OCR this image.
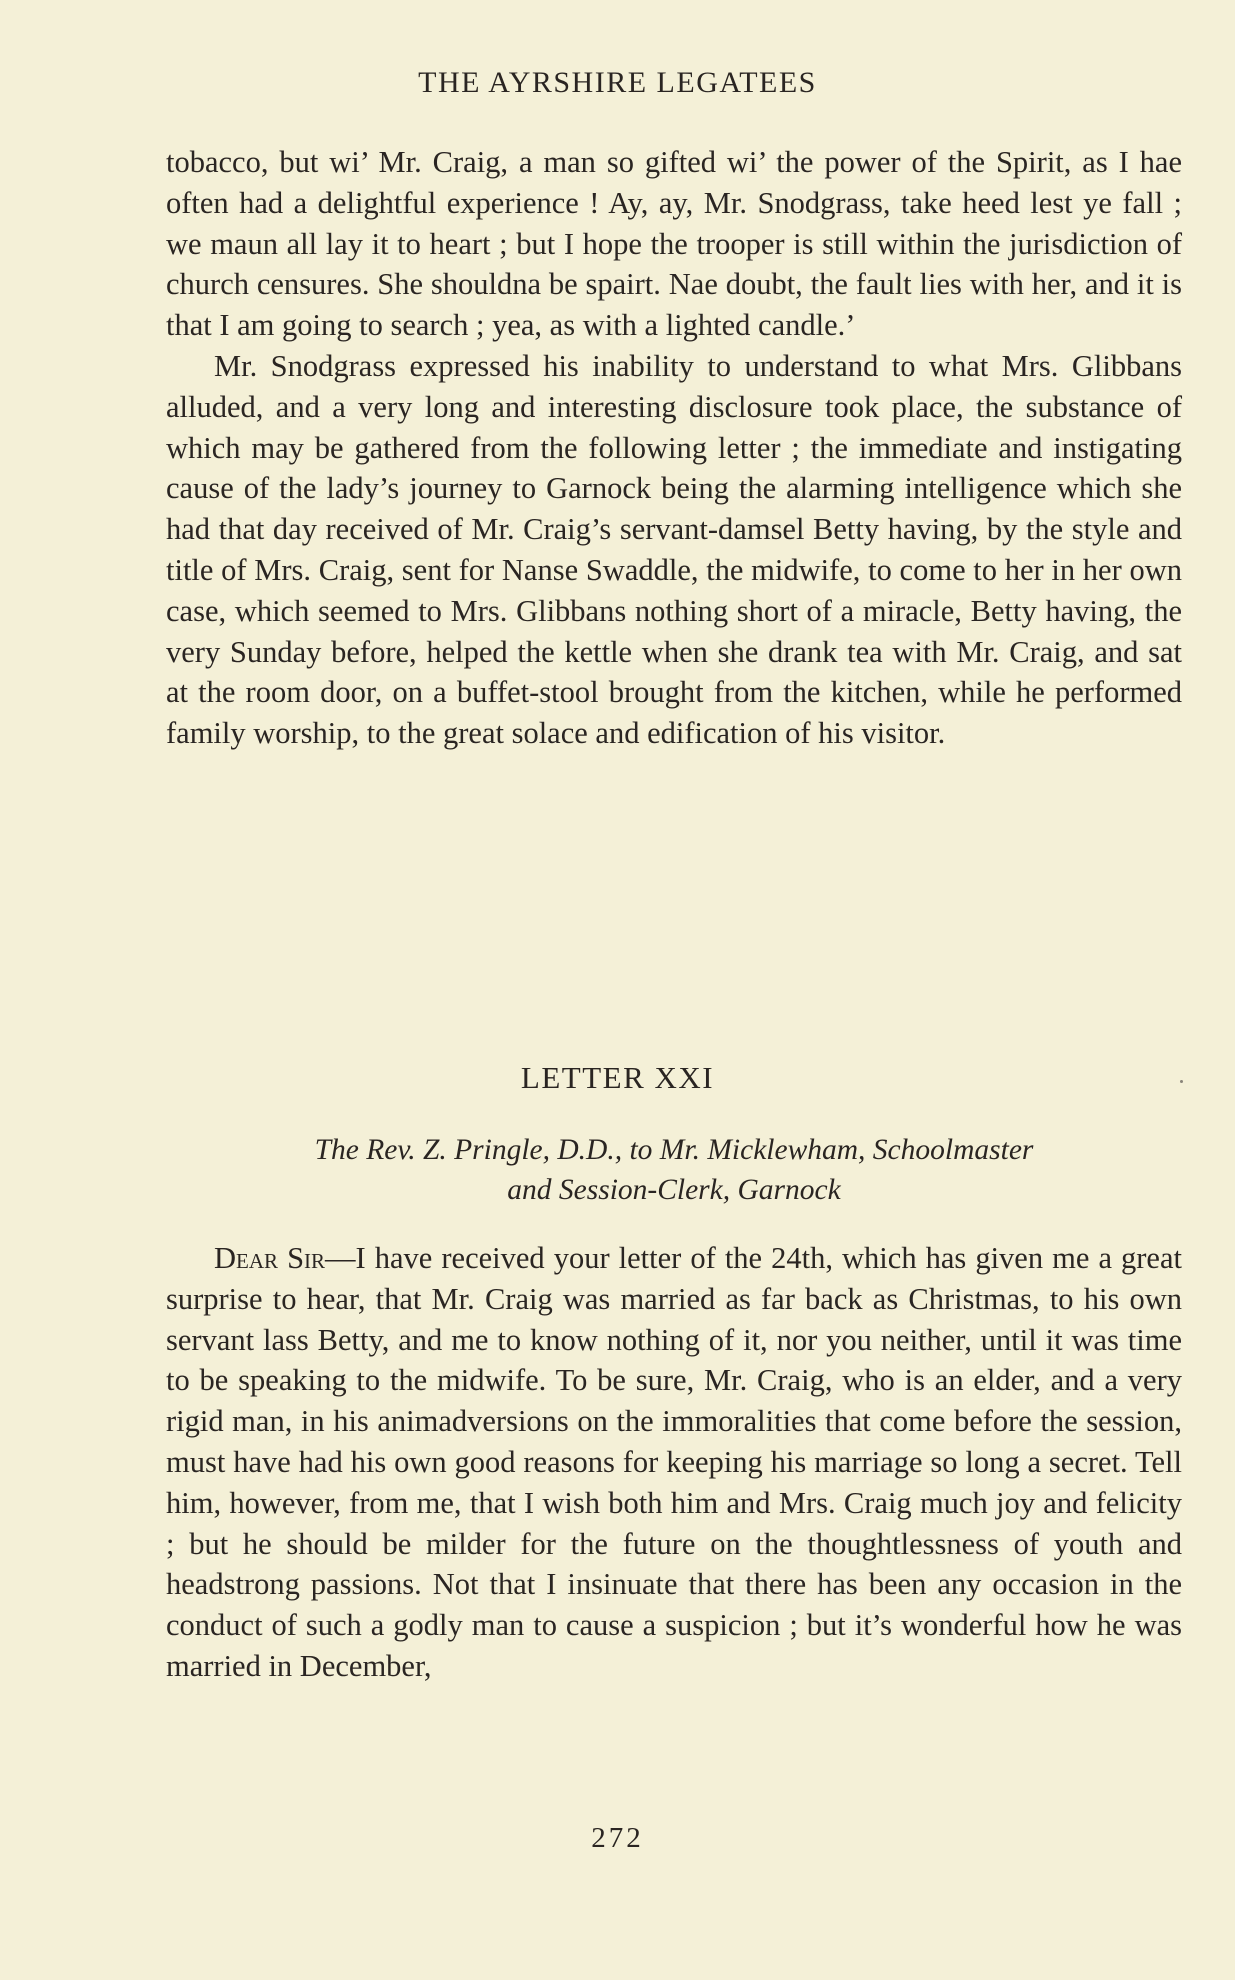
THE AYRSHIRE LEGATEES

tobacco, but wi’ Mr. Craig, a man so gifted wi’ the power of the Spirit, as I hae often had a delightful experience ! Ay, ay, Mr. Snodgrass, take heed lest ye fall ; we maun all lay it to heart ; but I hope the trooper is still within the jurisdiction of church censures. She shouldna be spairt. Nae doubt, the fault lies with her, and it is that I am going to search ; yea, as with a lighted candle.’

Mr. Snodgrass expressed his inability to understand to what Mrs. Glibbans alluded, and a very long and interesting disclosure took place, the substance of which may be gathered from the following letter ; the immediate and instigating cause of the lady’s journey to Garnock being the alarming intelligence which she had that day received of Mr. Craig’s servant-damsel Betty having, by the style and title of Mrs. Craig, sent for Nanse Swaddle, the midwife, to come to her in her own case, which seemed to Mrs. Glibbans nothing short of a miracle, Betty having, the very Sunday before, helped the kettle when she drank tea with Mr. Craig, and sat at the room door, on a buffet-stool brought from the kitchen, while he performed family worship, to the great solace and edification of his visitor.

LETTER XXI
The Rev. Z. Pringle, D.D., to Mr. Micklewham, Schoolmaster
and Session-Clerk, Garnock

Dear Sir—I have received your letter of the 24th, which has given me a great surprise to hear, that Mr. Craig was married as far back as Christmas, to his own servant lass Betty, and me to know nothing of it, nor you neither, until it was time to be speaking to the midwife. To be sure, Mr. Craig, who is an elder, and a very rigid man, in his animadversions on the immoralities that come before the session, must have had his own good reasons for keeping his marriage so long a secret. Tell him, however, from me, that I wish both him and Mrs. Craig much joy and felicity ; but he should be milder for the future on the thoughtlessness of youth and headstrong passions. Not that I insinuate that there has been any occasion in the conduct of such a godly man to cause a suspicion ; but it’s wonderful how he was married in December,

272
